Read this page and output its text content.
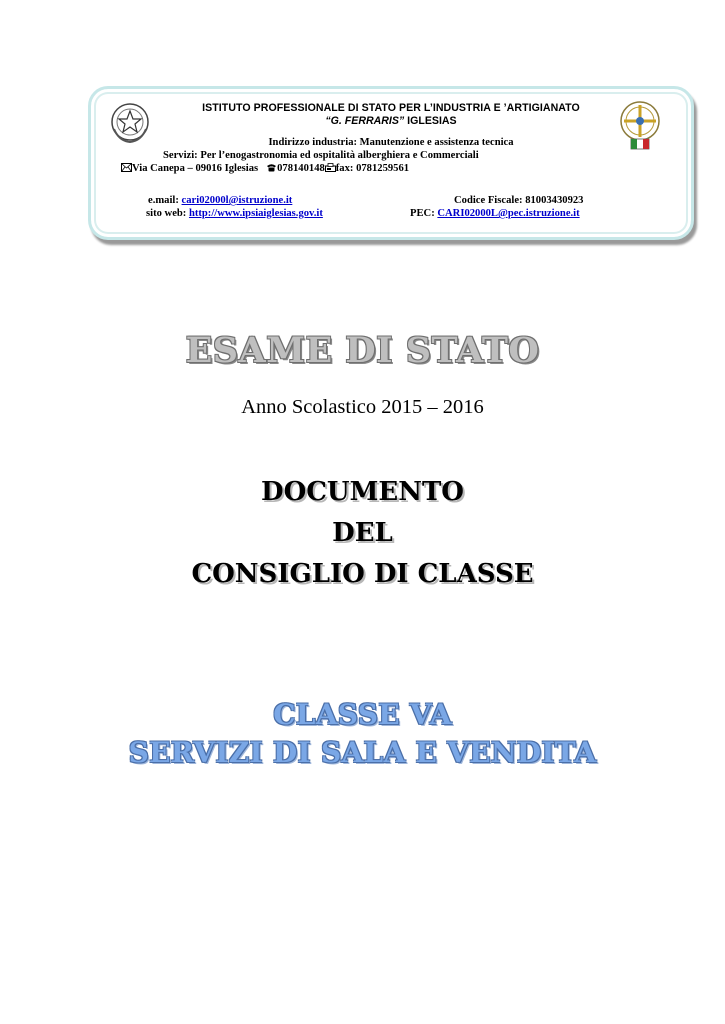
ISTITUTO PROFESSIONALE DI STATO PER L’INDUSTRIA E ’ARTIGIANATO
“G. FERRARIS” IGLESIAS
Indirizzo industria: Manutenzione e assistenza tecnica
Servizi: Per l’enogastronomia ed ospitalità alberghiera e Commerciali
Via Canepa – 09016 Iglesias 078140148 fax: 0781259561
e.mail: cari02000l@istruzione.it	Codice Fiscale: 81003430923
sito web: http://www.ipsiaiglesias.gov.it	PEC: CARI02000L@pec.istruzione.it
ESAME DI STATO
Anno Scolastico 2015 – 2016
DOCUMENTO
DEL
CONSIGLIO DI CLASSE
CLASSE VA
SERVIZI DI SALA E VENDITA
